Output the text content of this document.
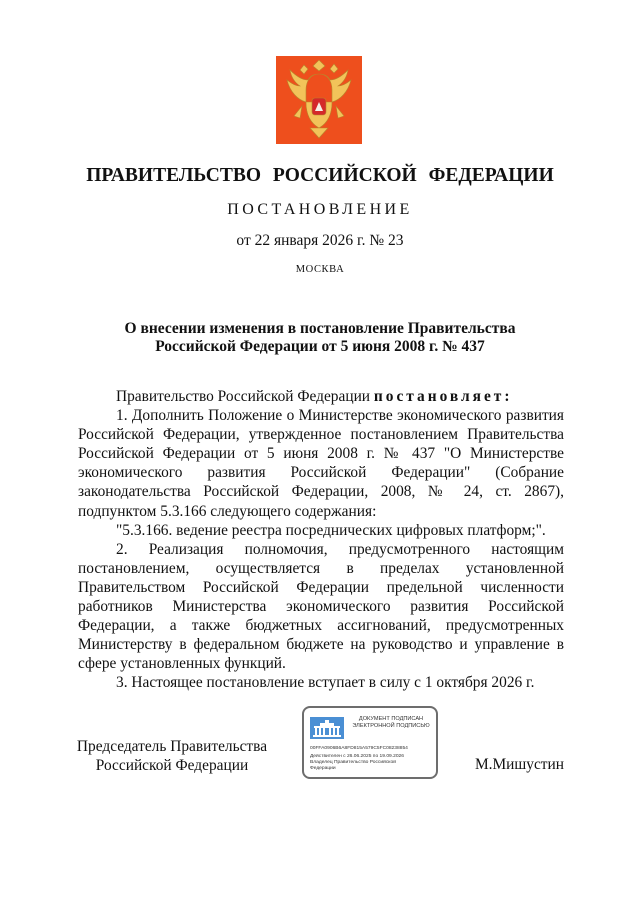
ПРАВИТЕЛЬСТВО РОССИЙСКОЙ ФЕДЕРАЦИИ
ПОСТАНОВЛЕНИЕ
от 22 января 2026 г. № 23
МОСКВА
О внесении изменения в постановление Правительства
Российской Федерации от 5 июня 2008 г. № 437

Правительство Российской Федерации постановляет:

1. Дополнить Положение о Министерстве экономического развития Российской Федерации, утвержденное постановлением Правительства Российской Федерации от 5 июня 2008 г. № 437 "О Министерстве экономического развития Российской Федерации" (Собрание законодательства Российской Федерации, 2008, № 24, ст. 2867), подпунктом 5.3.166 следующего содержания:

"5.3.166. ведение реестра посреднических цифровых платформ;".

2. Реализация полномочия, предусмотренного настоящим постановлением, осуществляется в пределах установленной Правительством Российской Федерации предельной численности работников Министерства экономического развития Российской Федерации, а также бюджетных ассигнований, предусмотренных Министерству в федеральном бюджете на руководство и управление в сфере установленных функций.

3. Настоящее постановление вступает в силу с 1 октября 2026 г.

Председатель Правительства
Российской Федерации
ДОКУМЕНТ ПОДПИСАН
ЭЛЕКТРОННОЙ ПОДПИСЬЮ
00FFA0906B6A8FD815A579C5FC08238854
Действителен с 26.06.2025 по 19.09.2026
Владелец Правительство Российской
Федерации	М.Мишустин
